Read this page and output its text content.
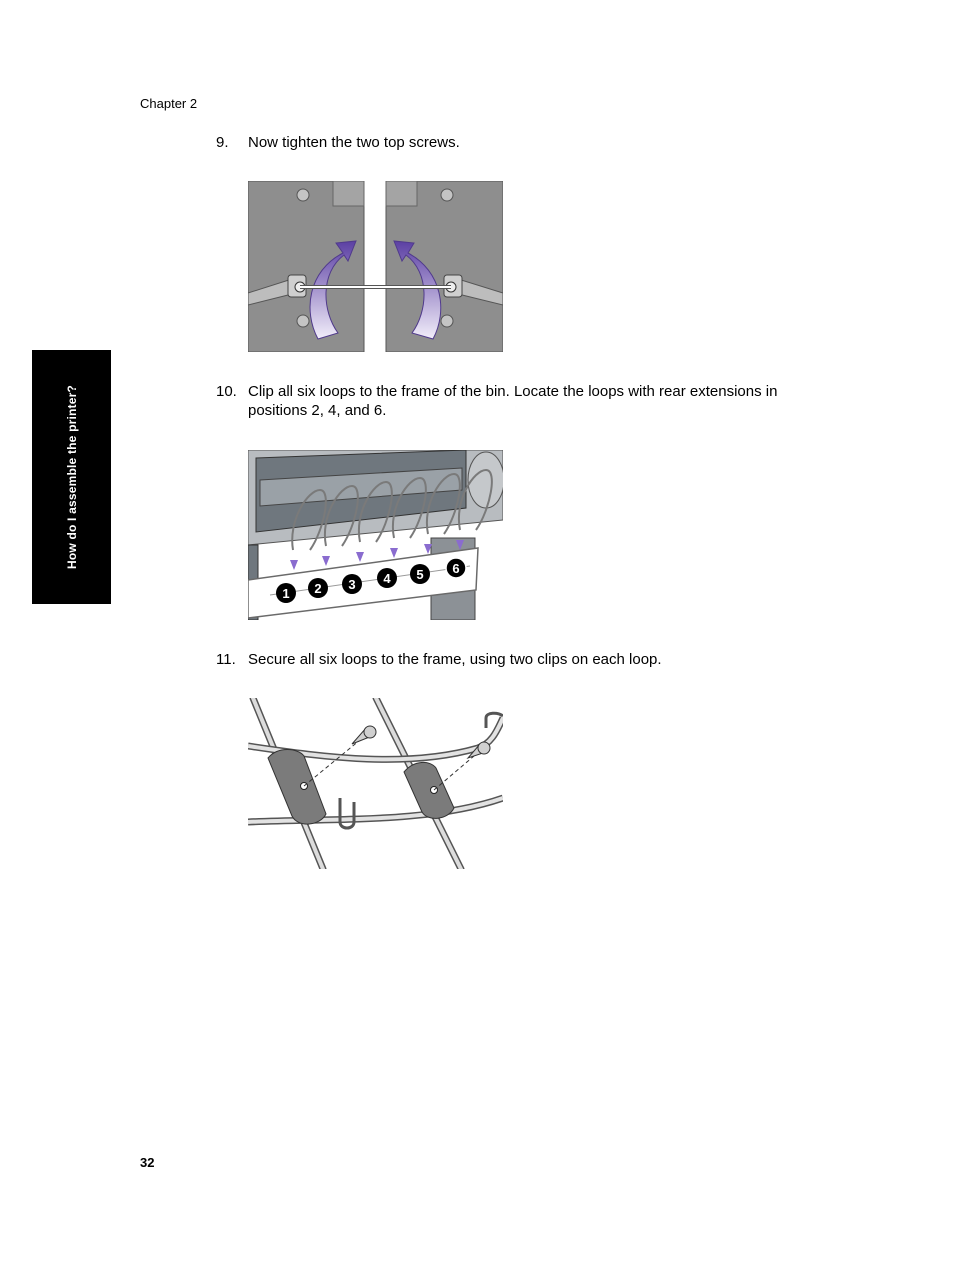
Chapter 2
How do I assemble the printer?
9. Now tighten the two top screws.
10. Clip all six loops to the frame of the bin. Locate the loops with rear extensions in positions 2, 4, and 6.
1 2 3 4 5 6
11. Secure all six loops to the frame, using two clips on each loop.
32
